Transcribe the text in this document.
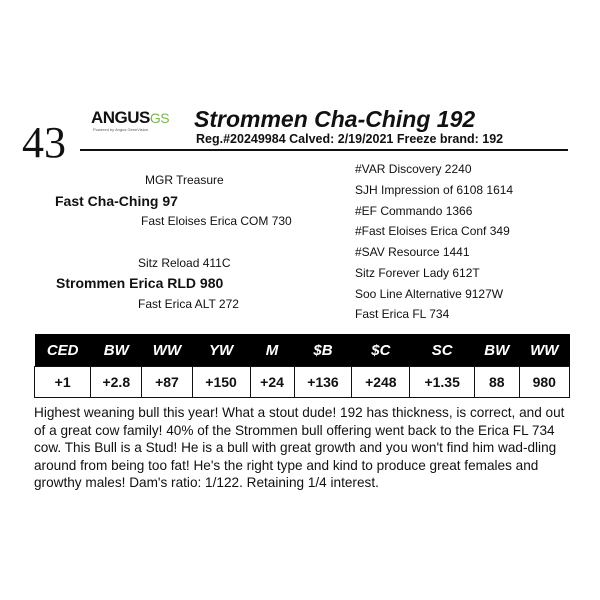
43
ANGUSGS
Powered by Angus GeneVision	Strommen Cha-Ching 192
Reg.#20249984 Calved: 2/19/2021 Freeze brand: 192
MGR Treasure
Fast Cha-Ching 97
Fast Eloises Erica COM 730
Sitz Reload 411C
Strommen Erica RLD 980
Fast Erica ALT 272
#VAR Discovery 2240
SJH Impression of 6108 1614
#EF Commando 1366
#Fast Eloises Erica Conf 349
#SAV Resource 1441
Sitz Forever Lady 612T
Soo Line Alternative 9127W
Fast Erica FL 734
CED	BW	WW	YW	M	$B	$C	SC	BW	WW
+1	+2.8	+87	+150	+24	+136	+248	+1.35	88	980
Highest weaning bull this year! What a stout dude! 192 has thickness, is correct, and out of a great cow family! 40% of the Strommen bull offering went back to the Erica FL 734 cow. This Bull is a Stud! He is a bull with great growth and you won't find him wad-dling around from being too fat! He's the right type and kind to produce great females and growthy males! Dam's ratio: 1/122. Retaining 1/4 interest.
